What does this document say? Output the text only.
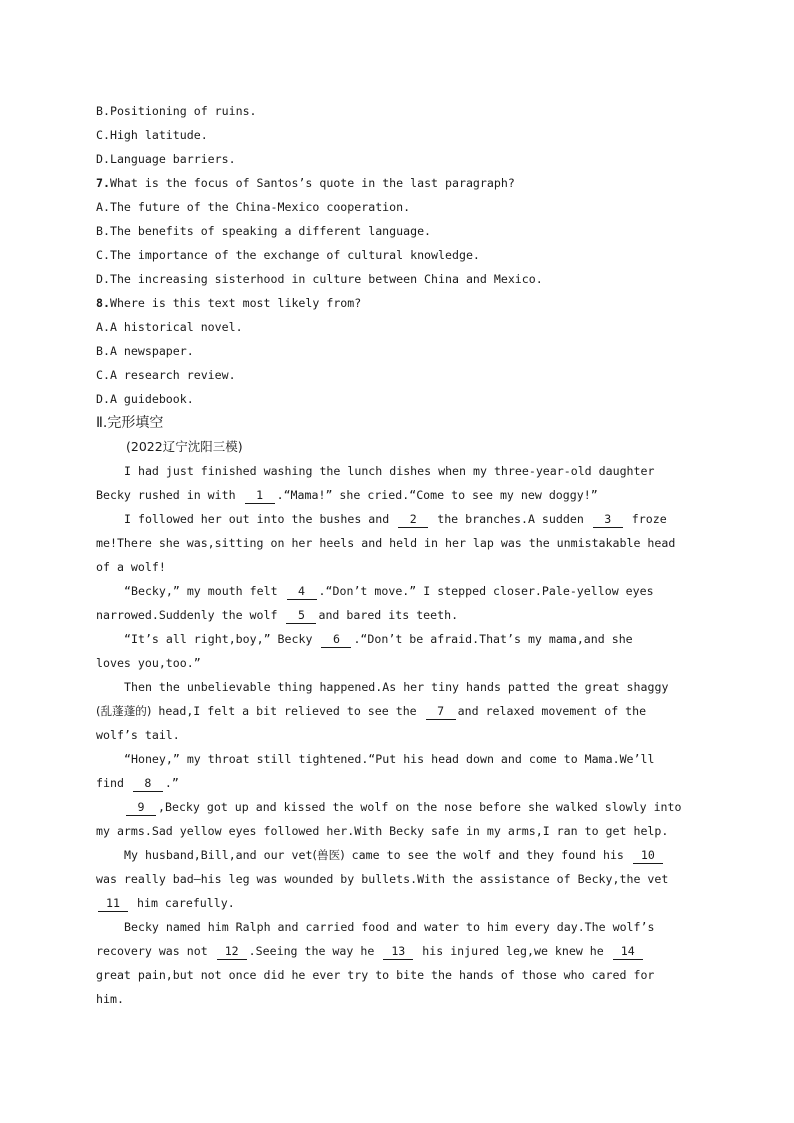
B.Positioning of ruins.
C.High latitude.
D.Language barriers.
7.What is the focus of Santos’s quote in the last paragraph?
A.The future of the China-Mexico cooperation.
B.The benefits of speaking a different language.
C.The importance of the exchange of cultural knowledge.
D.The increasing sisterhood in culture between China and Mexico.
8.Where is this text most likely from?
A.A historical novel.
B.A newspaper.
C.A research review.
D.A guidebook.
Ⅱ.完形填空
(2022辽宁沈阳三模)
I had just finished washing the lunch dishes when my three-year-old daughter
Becky rushed in with 1 .“Mama!” she cried.“Come to see my new doggy!”
I followed her out into the bushes and 2 the branches.A sudden 3 froze
me!There she was,sitting on her heels and held in her lap was the unmistakable head
of a wolf!
“Becky,” my mouth felt 4 .“Don’t move.” I stepped closer.Pale-yellow eyes
narrowed.Suddenly the wolf 5 and bared its teeth.
“It’s all right,boy,” Becky 6 .“Don’t be afraid.That’s my mama,and she
loves you,too.”
Then the unbelievable thing happened.As her tiny hands patted the great shaggy
(乱蓬蓬的) head,I felt a bit relieved to see the 7 and relaxed movement of the
wolf’s tail.
“Honey,” my throat still tightened.“Put his head down and come to Mama.We’ll
find 8 .”
9 ,Becky got up and kissed the wolf on the nose before she walked slowly into
my arms.Sad yellow eyes followed her.With Becky safe in my arms,I ran to get help.
My husband,Bill,and our vet(兽医) came to see the wolf and they found his 10
was really bad—his leg was wounded by bullets.With the assistance of Becky,the vet
11 him carefully.
Becky named him Ralph and carried food and water to him every day.The wolf’s
recovery was not 12 .Seeing the way he 13 his injured leg,we knew he 14
great pain,but not once did he ever try to bite the hands of those who cared for
him.
